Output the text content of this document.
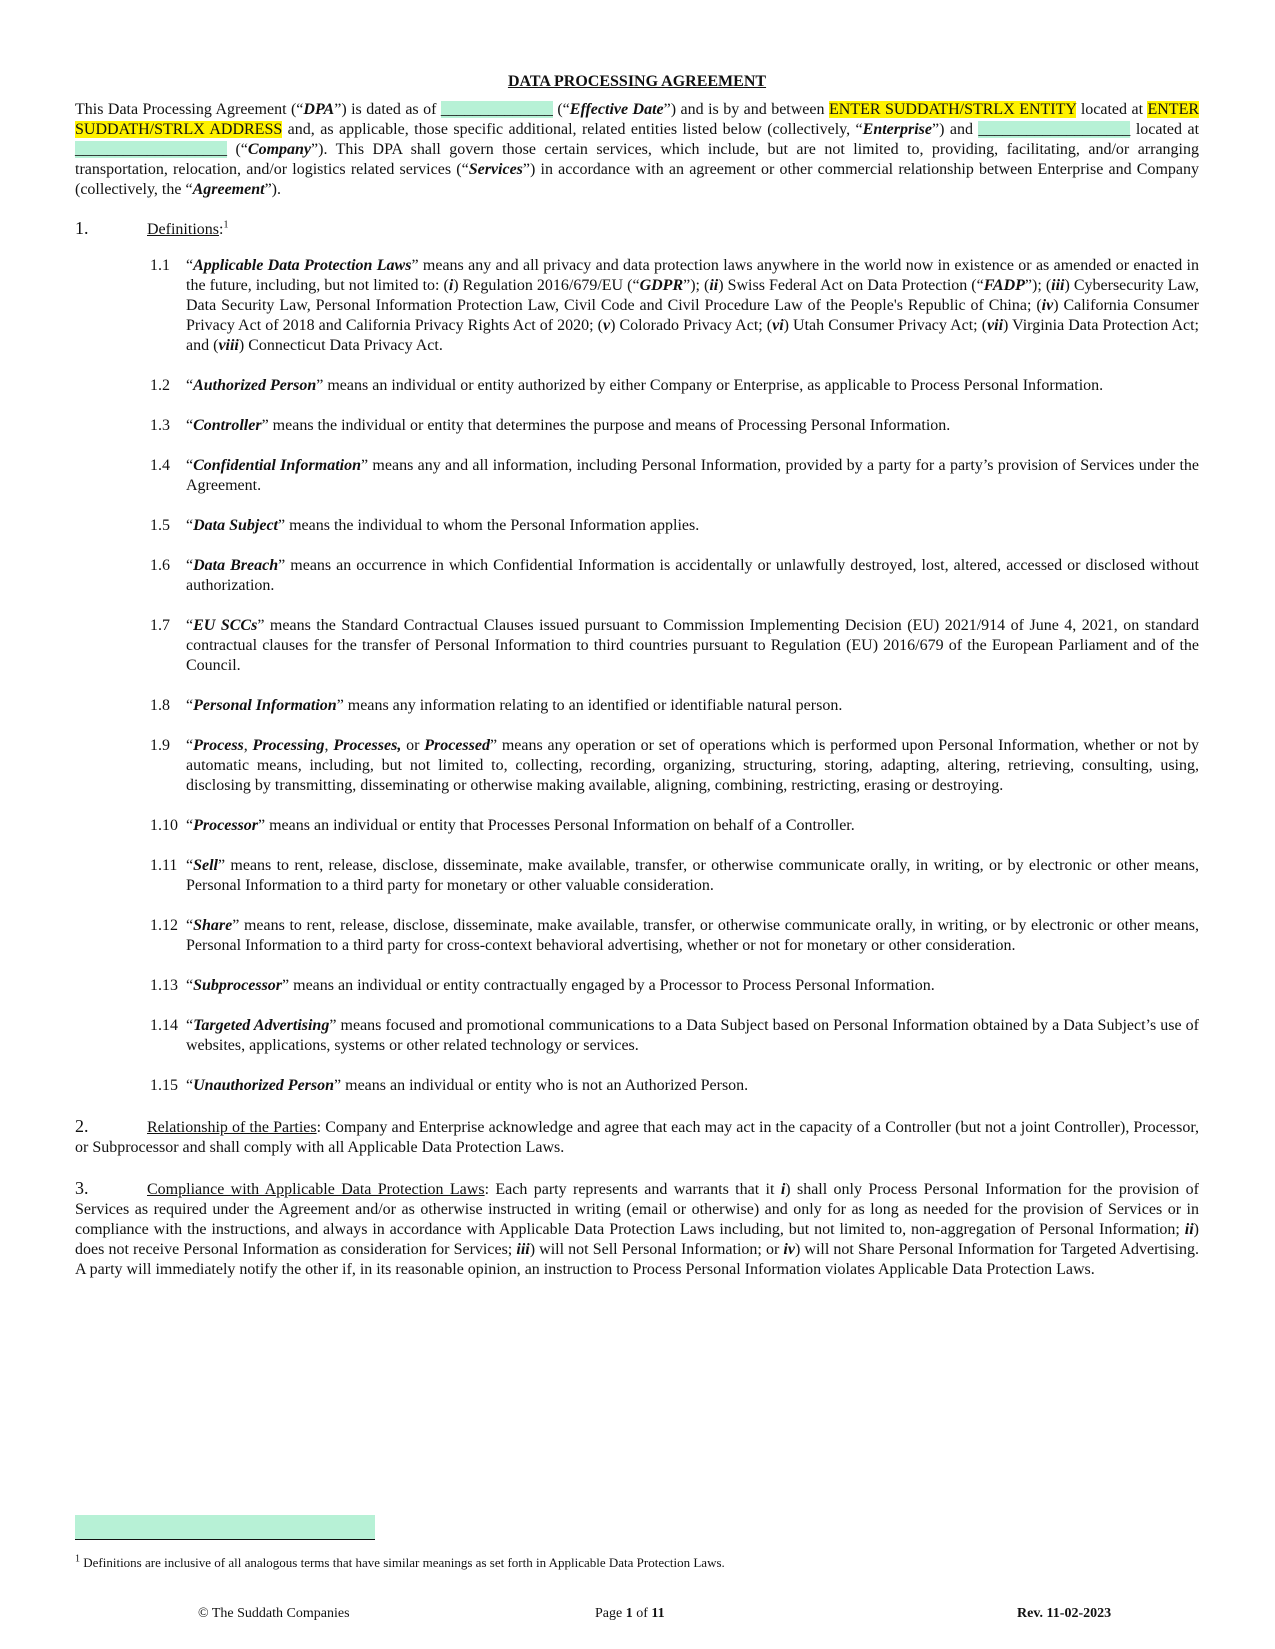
DATA PROCESSING AGREEMENT

This Data Processing Agreement (“DPA”) is dated as of ______________ (“Effective Date”) and is by and between ENTER SUDDATH/STRLX ENTITY located at ENTER SUDDATH/STRLX ADDRESS and, as applicable, those specific additional, related entities listed below (collectively, “Enterprise”) and ___________________ located at ___________________ (“Company”). This DPA shall govern those certain services, which include, but are not limited to, providing, facilitating, and/or arranging transportation, relocation, and/or logistics related services (“Services”) in accordance with an agreement or other commercial relationship between Enterprise and Company (collectively, the “Agreement”).

1.	Definitions:$^1$
1.1	“Applicable Data Protection Laws” means any and all privacy and data protection laws anywhere in the world now in existence or as amended or enacted in the future, including, but not limited to: (i) Regulation 2016/679/EU (“GDPR”); (ii) Swiss Federal Act on Data Protection (“FADP”); (iii) Cybersecurity Law, Data Security Law, Personal Information Protection Law, Civil Code and Civil Procedure Law of the People's Republic of China; (iv) California Consumer Privacy Act of 2018 and California Privacy Rights Act of 2020; (v) Colorado Privacy Act; (vi) Utah Consumer Privacy Act; (vii) Virginia Data Protection Act; and (viii) Connecticut Data Privacy Act.
1.2	“Authorized Person” means an individual or entity authorized by either Company or Enterprise, as applicable to Process Personal Information.
1.3	“Controller” means the individual or entity that determines the purpose and means of Processing Personal Information.
1.4	“Confidential Information” means any and all information, including Personal Information, provided by a party for a party’s provision of Services under the Agreement.
1.5	“Data Subject” means the individual to whom the Personal Information applies.
1.6	“Data Breach” means an occurrence in which Confidential Information is accidentally or unlawfully destroyed, lost, altered, accessed or disclosed without authorization.
1.7	“EU SCCs” means the Standard Contractual Clauses issued pursuant to Commission Implementing Decision (EU) 2021/914 of June 4, 2021, on standard contractual clauses for the transfer of Personal Information to third countries pursuant to Regulation (EU) 2016/679 of the European Parliament and of the Council.
1.8	“Personal Information” means any information relating to an identified or identifiable natural person.
1.9	“Process, Processing, Processes, or Processed” means any operation or set of operations which is performed upon Personal Information, whether or not by automatic means, including, but not limited to, collecting, recording, organizing, structuring, storing, adapting, altering, retrieving, consulting, using, disclosing by transmitting, disseminating or otherwise making available, aligning, combining, restricting, erasing or destroying.
1.10 “Processor” means an individual or entity that Processes Personal Information on behalf of a Controller.
1.11 “Sell” means to rent, release, disclose, disseminate, make available, transfer, or otherwise communicate orally, in writing, or by electronic or other means, Personal Information to a third party for monetary or other valuable consideration.
1.12 “Share” means to rent, release, disclose, disseminate, make available, transfer, or otherwise communicate orally, in writing, or by electronic or other means, Personal Information to a third party for cross-context behavioral advertising, whether or not for monetary or other consideration.
1.13 “Subprocessor” means an individual or entity contractually engaged by a Processor to Process Personal Information.
1.14 “Targeted Advertising” means focused and promotional communications to a Data Subject based on Personal Information obtained by a Data Subject’s use of websites, applications, systems or other related technology or services.
1.15 “Unauthorized Person” means an individual or entity who is not an Authorized Person.

2.	Relationship of the Parties: Company and Enterprise acknowledge and agree that each may act in the capacity of a Controller (but not a joint Controller), Processor, or Subprocessor and shall comply with all Applicable Data Protection Laws.

3.	Compliance with Applicable Data Protection Laws: Each party represents and warrants that it i) shall only Process Personal Information for the provision of Services as required under the Agreement and/or as otherwise instructed in writing (email or otherwise) and only for as long as needed for the provision of Services or in compliance with the instructions, and always in accordance with Applicable Data Protection Laws including, but not limited to, non-aggregation of Personal Information; ii) does not receive Personal Information as consideration for Services; iii) will not Sell Personal Information; or iv) will not Share Personal Information for Targeted Advertising. A party will immediately notify the other if, in its reasonable opinion, an instruction to Process Personal Information violates Applicable Data Protection Laws.

$^1$ Definitions are inclusive of all analogous terms that have similar meanings as set forth in Applicable Data Protection Laws.

© The Suddath Companies	Page 1 of 11	Rev. 11-02-2023
